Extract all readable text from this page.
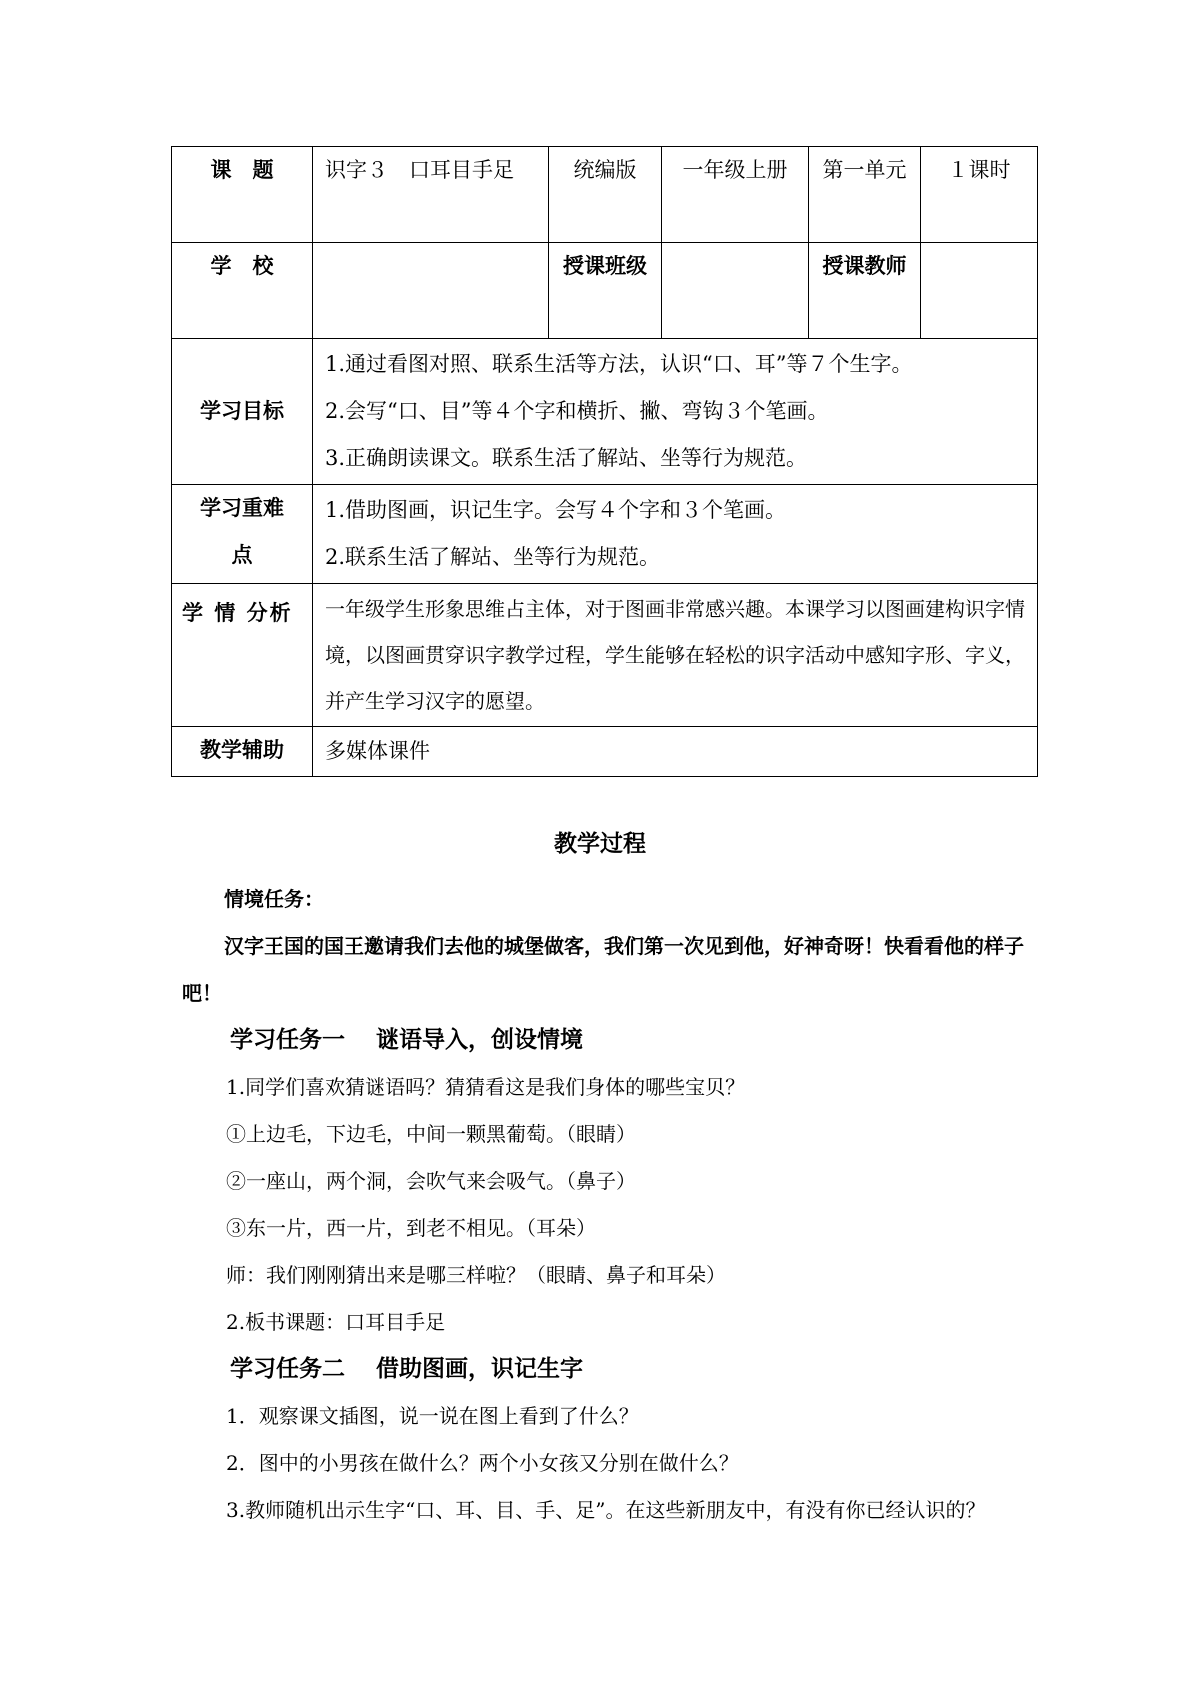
课　题	识字３　口耳目手足	统编版	一年级上册	第一单元	１课时
学　校		授课班级		授课教师	
学习目标	1.通过看图对照、联系生活等方法，认识“口、耳”等７个生字。
2.会写“口、目”等４个字和横折、撇、弯钩３个笔画。
3.正确朗读课文。联系生活了解站、坐等行为规范。				

学习重难点	1.借助图画，识记生字。会写４个字和３个笔画。
2.联系生活了解站、坐等行为规范。				

学 情 分析	一年级学生形象思维占主体，对于图画非常感兴趣。本课学习以图画建构识字情境，以图画贯穿识字教学过程，学生能够在轻松的识字活动中感知字形、字义，并产生学习汉字的愿望。				
教学辅助	多媒体课件				
教学过程

情境任务：

汉字王国的国王邀请我们去他的城堡做客，我们第一次见到他，好神奇呀！快看看他的样子吧！

学习任务一　 谜语导入，创设情境

1.同学们喜欢猜谜语吗？猜猜看这是我们身体的哪些宝贝？

①上边毛，下边毛，中间一颗黑葡萄。（眼睛）

②一座山，两个洞，会吹气来会吸气。（鼻子）

③东一片，西一片，到老不相见。（耳朵）

师：我们刚刚猜出来是哪三样啦？（眼睛、鼻子和耳朵）

2.板书课题：口耳目手足

学习任务二　 借助图画，识记生字

1．观察课文插图，说一说在图上看到了什么？

2．图中的小男孩在做什么？两个小女孩又分别在做什么？

3.教师随机出示生字“口、耳、目、手、足”。在这些新朋友中，有没有你已经认识的？
